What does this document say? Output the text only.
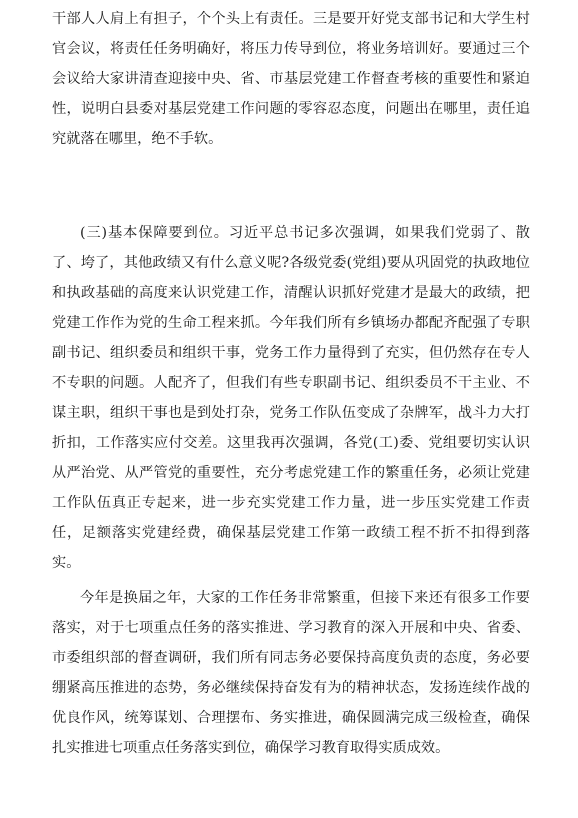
干部人人肩上有担子，个个头上有责任。三是要开好党支部书记和大学生村官会议，将责任任务明确好，将压力传导到位，将业务培训好。要通过三个会议给大家讲清查迎接中央、省、市基层党建工作督查考核的重要性和紧迫性，说明白县委对基层党建工作问题的零容忍态度，问题出在哪里，责任追究就落在哪里，绝不手软。

(三)基本保障要到位。习近平总书记多次强调，如果我们党弱了、散了、垮了，其他政绩又有什么意义呢?各级党委(党组)要从巩固党的执政地位和执政基础的高度来认识党建工作，清醒认识抓好党建才是最大的政绩，把党建工作作为党的生命工程来抓。今年我们所有乡镇场办都配齐配强了专职副书记、组织委员和组织干事，党务工作力量得到了充实，但仍然存在专人不专职的问题。人配齐了，但我们有些专职副书记、组织委员不干主业、不谋主职，组织干事也是到处打杂，党务工作队伍变成了杂牌军，战斗力大打折扣，工作落实应付交差。这里我再次强调，各党(工)委、党组要切实认识从严治党、从严管党的重要性，充分考虑党建工作的繁重任务，必须让党建工作队伍真正专起来，进一步充实党建工作力量，进一步压实党建工作责任，足额落实党建经费，确保基层党建工作第一政绩工程不折不扣得到落实。

今年是换届之年，大家的工作任务非常繁重，但接下来还有很多工作要落实，对于七项重点任务的落实推进、学习教育的深入开展和中央、省委、市委组织部的督查调研，我们所有同志务必要保持高度负责的态度，务必要绷紧高压推进的态势，务必继续保持奋发有为的精神状态，发扬连续作战的优良作风，统筹谋划、合理摆布、务实推进，确保圆满完成三级检查，确保扎实推进七项重点任务落实到位，确保学习教育取得实质成效。
